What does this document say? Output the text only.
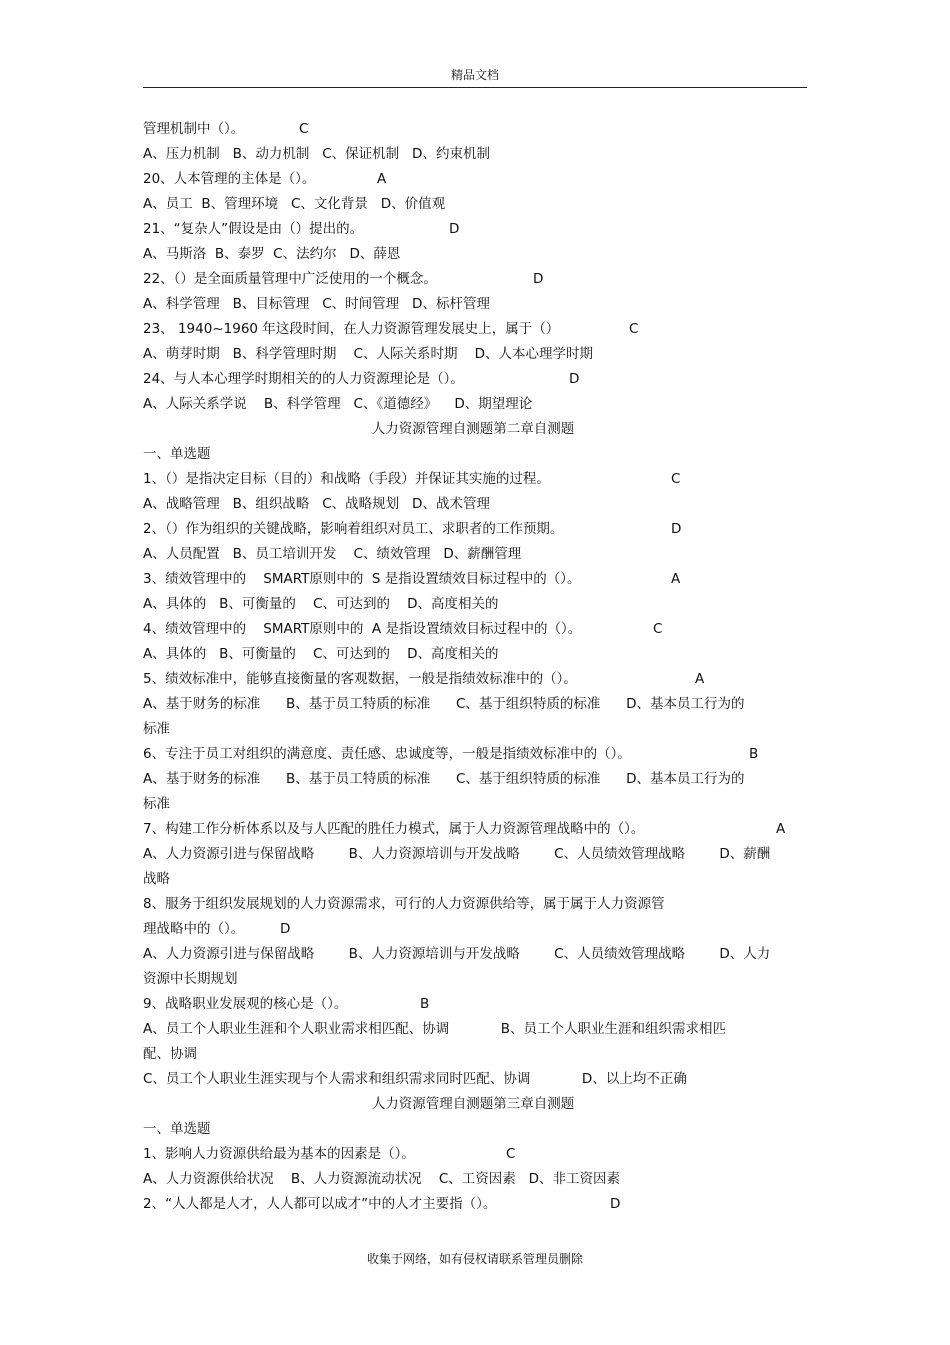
精品文档
管理机制中（）。	C
A、压力机制   B、动力机制   C、保证机制   D、约束机制
20、人本管理的主体是（）。	A
A、员工  B、管理环境   C、文化背景   D、价值观
21、“复杂人”假设是由（）提出的。	D
A、马斯洛  B、泰罗  C、法约尔   D、薛恩
22、（）是全面质量管理中广泛使用的一个概念。	D
A、科学管理   B、目标管理   C、时间管理   D、标杆管理
23、 1940~1960 年这段时间，在人力资源管理发展史上，属于（）	C
A、萌芽时期   B、科学管理时期    C、人际关系时期    D、人本心理学时期
24、与人本心理学时期相关的的人力资源理论是（）。	D
A、人际关系学说    B、科学管理   C、《道德经》    D、期望理论
人力资源管理自测题第二章自测题
一、单选题
1、（）是指决定目标（目的）和战略（手段）并保证其实施的过程。	C
A、战略管理   B、组织战略   C、战略规划   D、战术管理
2、（）作为组织的关键战略，影响着组织对员工、求职者的工作预期。	D
A、人员配置   B、员工培训开发    C、绩效管理   D、薪酬管理
3、绩效管理中的    SMART原则中的  S 是指设置绩效目标过程中的（）。	A
A、具体的   B、可衡量的    C、可达到的    D、高度相关的
4、绩效管理中的    SMART原则中的  A 是指设置绩效目标过程中的（）。	C
A、具体的   B、可衡量的    C、可达到的    D、高度相关的
5、绩效标准中，能够直接衡量的客观数据，一般是指绩效标准中的（）。	A
A、基于财务的标准      B、基于员工特质的标准      C、基于组织特质的标准      D、基本员工行为的
标准
6、专注于员工对组织的满意度、责任感、忠诚度等，一般是指绩效标准中的（）。	B
A、基于财务的标准      B、基于员工特质的标准      C、基于组织特质的标准      D、基本员工行为的
标准
7、构建工作分析体系以及与人匹配的胜任力模式，属于人力资源管理战略中的（）。	A
A、人力资源引进与保留战略        B、人力资源培训与开发战略        C、人员绩效管理战略        D、薪酬
战略
8、服务于组织发展规划的人力资源需求，可行的人力资源供给等，属于属于人力资源管
理战略中的（）。	D
A、人力资源引进与保留战略        B、人力资源培训与开发战略        C、人员绩效管理战略        D、人力
资源中长期规划
9、战略职业发展观的核心是（）。	B
A、员工个人职业生涯和个人职业需求相匹配、协调            B、员工个人职业生涯和组织需求相匹
配、协调
C、员工个人职业生涯实现与个人需求和组织需求同时匹配、协调            D、以上均不正确
人力资源管理自测题第三章自测题
一、单选题
1、影响人力资源供给最为基本的因素是（）。	C
A、人力资源供给状况    B、人力资源流动状况    C、工资因素   D、非工资因素
2、“人人都是人才，人人都可以成才”中的人才主要指（）。	D
收集于网络，如有侵权请联系管理员删除
